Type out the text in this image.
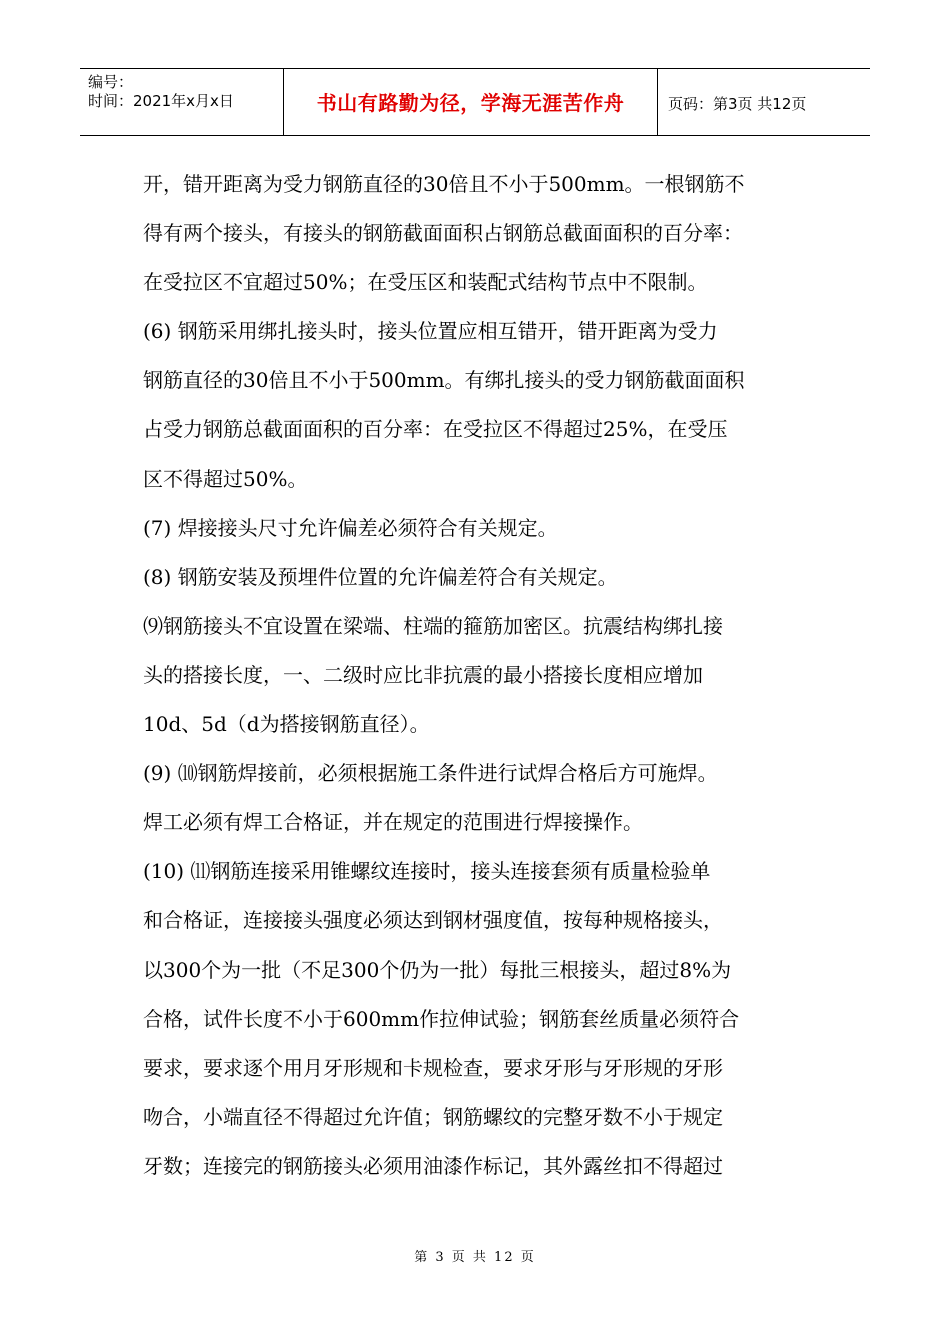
编号：
时间：2021年x月x日	书山有路勤为径，学海无涯苦作舟	页码：第3页 共12页
开，错开距离为受力钢筋直径的30倍且不小于500mm。一根钢筋不
得有两个接头，有接头的钢筋截面面积占钢筋总截面面积的百分率：
在受拉区不宜超过50%；在受压区和装配式结构节点中不限制。
(6) 钢筋采用绑扎接头时，接头位置应相互错开，错开距离为受力
钢筋直径的30倍且不小于500mm。有绑扎接头的受力钢筋截面面积
占受力钢筋总截面面积的百分率：在受拉区不得超过25%，在受压
区不得超过50%。
(7) 焊接接头尺寸允许偏差必须符合有关规定。
(8) 钢筋安装及预埋件位置的允许偏差符合有关规定。
⑼钢筋接头不宜设置在梁端、柱端的箍筋加密区。抗震结构绑扎接
头的搭接长度，一、二级时应比非抗震的最小搭接长度相应增加
10d、5d（d为搭接钢筋直径）。
(9) ⑽钢筋焊接前，必须根据施工条件进行试焊合格后方可施焊。
焊工必须有焊工合格证，并在规定的范围进行焊接操作。
(10) ⑾钢筋连接采用锥螺纹连接时，接头连接套须有质量检验单
和合格证，连接接头强度必须达到钢材强度值，按每种规格接头，
以300个为一批（不足300个仍为一批）每批三根接头，超过8%为
合格，试件长度不小于600mm作拉伸试验；钢筋套丝质量必须符合
要求，要求逐个用月牙形规和卡规检查，要求牙形与牙形规的牙形
吻合，小端直径不得超过允许值；钢筋螺纹的完整牙数不小于规定
牙数；连接完的钢筋接头必须用油漆作标记，其外露丝扣不得超过
第 3 页 共 12 页
